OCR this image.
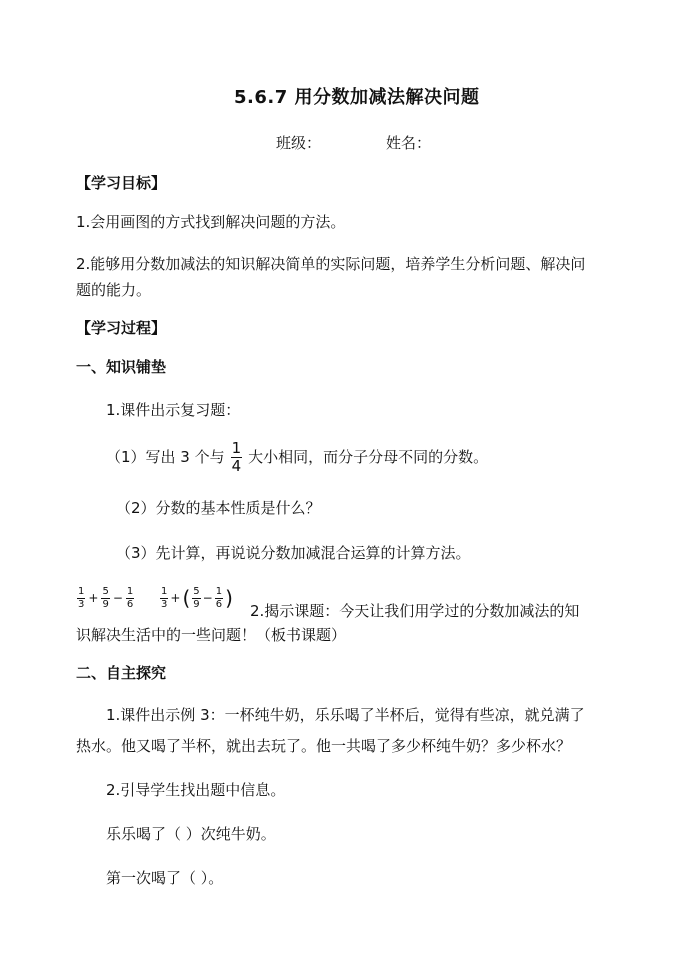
5.6.7 用分数加减法解决问题
班级：	姓名：
【学习目标】
1.会用画图的方式找到解决问题的方法。
2.能够用分数加减法的知识解决简单的实际问题，培养学生分析问题、解决问
题的能力。
【学习过程】
一、知识铺垫
1.课件出示复习题：
（1）写出 3 个与 $\frac{1}{4}$ 大小相同，而分子分母不同的分数。
（2）分数的基本性质是什么？
（3）先计算，再说说分数加减混合运算的计算方法。
$\frac{1}{3} + \frac{5}{9} - \frac{1}{6}$	$\frac{1}{3}$ + ( $\frac{5}{9} - \frac{1}{6}$ )
2.揭示课题：今天让我们用学过的分数加减法的知
识解决生活中的一些问题！（板书课题）
二、自主探究
1.课件出示例 3：一杯纯牛奶，乐乐喝了半杯后，觉得有些凉，就兑满了
热水。他又喝了半杯，就出去玩了。他一共喝了多少杯纯牛奶？多少杯水？
2.引导学生找出题中信息。
乐乐喝了（ ）次纯牛奶。
第一次喝了（ ）。
